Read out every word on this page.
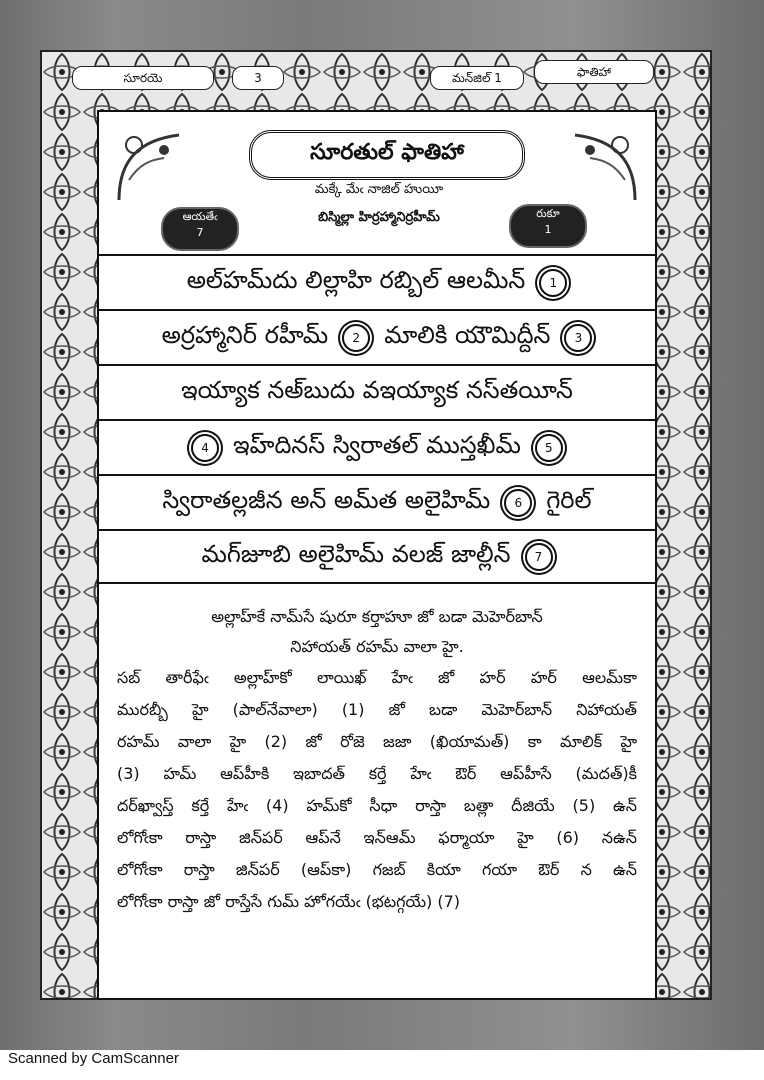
సూరయె	3	మన్‌జిల్ 1	ఫాతిహా
సూరతుల్ ఫాతిహా
మక్కే మేఁ నాజిల్ హుయీ
బిస్మిల్లా హిర్రహ్మానిర్రహీమ్
ఆయతేఁ
7
రుకూ
1
అల్‌హమ్‌దు లిల్లాహి రబ్బిల్ ఆలమీన్	1
అర్రహ్మానిర్ రహీమ్	2	మాలికి యౌమిద్దీన్	3
ఇయ్యాక నఅ్‌బుదు వఇయ్యాక నస్‌తయీన్
4	ఇహ్‌దినస్ స్విరాతల్ ముస్తఖీమ్	5
స్విరాతల్లజీన అన్ అమ్‌త అలైహిమ్	6	గైరిల్
మగ్‌జూబి అలైహిమ్ వలజ్ జాల్లీన్	7
అల్లాహ్‌కే నామ్‌సే షురూ కర్తాహూ జో బడా మెహెర్‌బాన్
నిహాయత్ రహమ్ వాలా హై.
సబ్ తారీఫేఁ అల్లాహ్‌కో లాయిఖ్ హేఁ జో హర్ హర్ ఆలమ్‌కా
మురబ్బీ హై (పాల్‌నేవాలా) (1) జో బడా మెహెర్‌బాన్ నిహాయత్
రహమ్ వాలా హై (2) జో రోజె జజా (ఖియామత్) కా మాలిక్ హై
(3) హమ్ ఆప్‌హీకి ఇబాదత్ కర్తే హేఁ ఔర్ ఆప్‌హీసే (మదత్)కీ
దర్‌ఖ్వాస్త్ కర్తే హేఁ (4) హమ్‌కో సీధా రాస్తా బత్లా దీజియే (5) ఉన్
లోగోఁకా రాస్తా జిన్‌పర్ ఆప్‌నే ఇన్‌ఆమ్ ఫర్మాయా హై (6) నఉన్
లోగోఁకా రాస్తా జిన్‌పర్ (ఆప్‌కా) గజబ్ కియా గయా ఔర్ న ఉన్
లోగోఁకా రాస్తా జో రాస్తేసే గుమ్ హోగయేఁ (భటగ్గయే) (7)
Scanned by CamScanner
